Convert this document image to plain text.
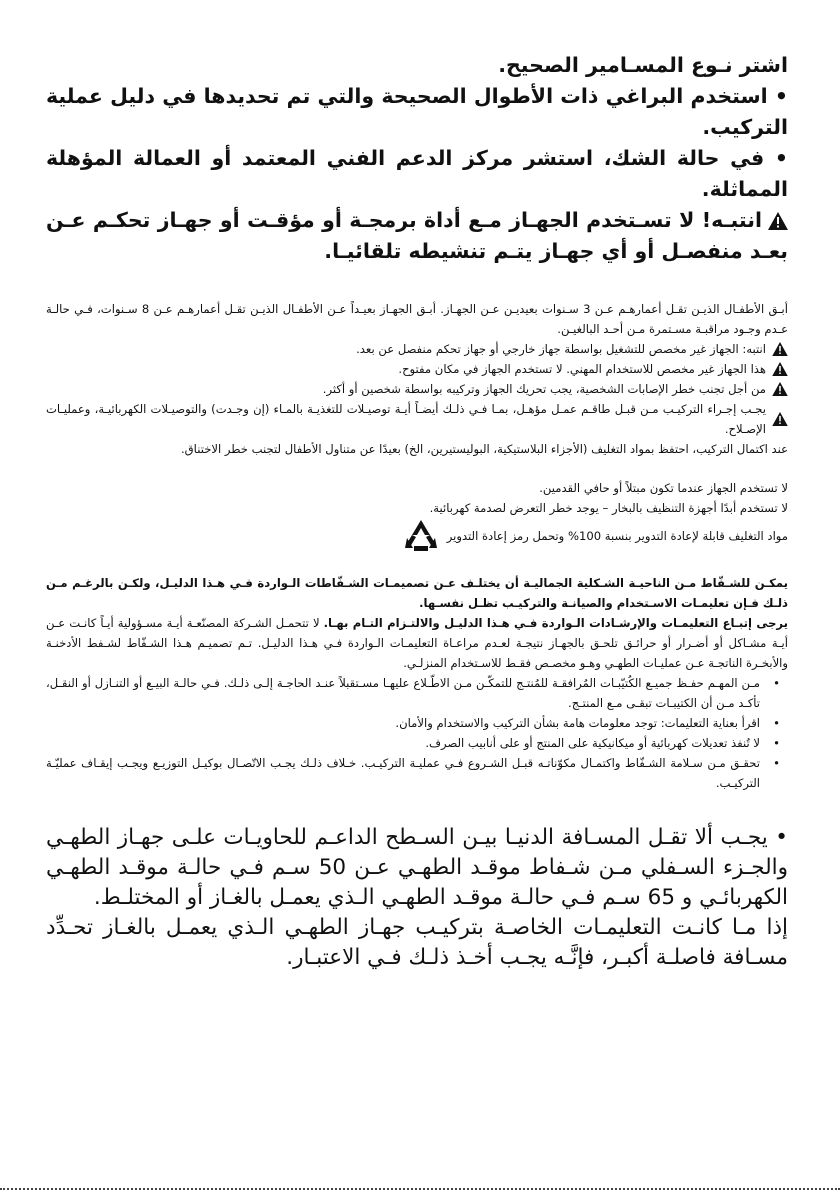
اشتر نـوع المسـامير الصحيح.

• استخدم البراغي ذات الأطوال الصحيحة والتي تم تحديدها في دليل عملية التركيب.

• في حالة الشك، استشر مركز الدعم الفني المعتمد أو العمالة المؤهلة المماثلة.

انتبـه! لا تسـتخدم الجهـاز مـع أداة برمجـة أو مؤقـت أو جهـاز تحكـم عـن بعـد منفصـل أو أي جهـاز يتـم تنشيطه تلقائيـا.

أبـق الأطفـال الذيـن تقـل أعمارهـم عـن 3 سـنوات بعيديـن عـن الجهـاز. أبـق الجهـاز بعيـداً عـن الأطفـال الذيـن تقـل أعمارهـم عـن 8 سـنوات، فـي حالـة عـدم وجـود مراقبـة مسـتمرة مـن أحـد البالغيـن.

انتبه: الجهاز غير مخصص للتشغيل بواسطة جهاز خارجي أو جهاز تحكم منفصل عن بعد.

هذا الجهاز غير مخصص للاستخدام المهني. لا تستخدم الجهاز في مكان مفتوح.

من أجل تجنب خطر الإصابات الشخصية، يجب تحريك الجهاز وتركيبه بواسطة شخصين أو أكثر.

يجـب إجـراء التركيـب مـن قبـل طاقـم عمـل مؤهـل، بمـا فـي ذلـك أيضـاً أيـة توصيـلات للتغذيـة بالمـاء (إن وجـدت) والتوصيـلات الكهربائيـة، وعمليـات الإصـلاح.

عند اكتمال التركيب، احتفظ بمواد التغليف (الأجزاء البلاستيكية، البوليستيرين، الخ) بعيدًا عن متناول الأطفال لتجنب خطر الاختناق.

لا تستخدم الجهاز عندما تكون مبتلاً أو حافي القدمين.

لا تستخدم أبدًا أجهزة التنظيف بالبخار – يوجد خطر التعرض لصدمة كهربائية.

مواد التغليف قابلة لإعادة التدوير بنسبة 100% وتحمل رمز إعادة التدوير

يمكـن للشـفّاط مـن الناحيـة الشـكلية الجماليـة أن يختلـف عـن تصميمـات الشـفّاطات الـواردة فـي هـذا الدليـل، ولكـن بالرغـم مـن ذلـك فـإن تعليمـات الاسـتخدام والصيانـة والتركيـب تظـل نفسـها.

يرجى إتبـاع التعليمـات والإرشـادات الـواردة فـي هـذا الدليـل والالتـزام التـام بهـا. لا تتحمـل الشـركة المصنّعـة أيـة مسـؤولية أيـاً كانـت عـن أيـة مشـاكل أو أضـرار أو حرائـق تلحـق بالجهـاز نتيجـة لعـدم مراعـاة التعليمـات الـواردة فـي هـذا الدليـل. تـم تصميـم هـذا الشـفّاط لشـفط الأدخنـة والأبخـرة الناتجـة عـن عمليـات الطهـي وهـو مخصـص فقـط للاسـتخدام المنزلـي.

• مـن المهـم حفـظ جميـع الكُتيّبـات المُرافقـة للمُنتـج للتمكّـن مـن الاطّـلاع عليهـا مسـتقبلاً عنـد الحاجـة إلـى ذلـك. فـي حالـة البيـع أو التنـازل أو النقـل، تأكـد مـن أن الكتيبـات تبقـى مـع المنتـج.
• اقرأ بعناية التعليمات: توجد معلومات هامة بشأن التركيب والاستخدام والأمان.
• لا تُنفذ تعديلات كهربائية أو ميكانيكية على المنتج أو على أنابيب الصرف.
• تحقـق مـن سـلامة الشـفّاط واكتمـال مكوّناتـه قبـل الشـروع فـي عمليـة التركيـب. خـلاف ذلـك يجـب الاتّصـال بوكيـل التوزيـع ويجـب إيقـاف عمليّـة التركيـب.

• يجـب ألا تقـل المسـافة الدنيـا بيـن السـطح الداعـم للحاويـات علـى جهـاز الطهـي والجـزء السـفلي مـن شـفاط موقـد الطهـي عـن 50 سـم فـي حالـة موقـد الطهـي الكهربائـي و 65 سـم فـي حالـة موقـد الطهـي الـذي يعمـل بالغـاز أو المختلـط.

إذا مـا كانـت التعليمـات الخاصـة بتركيـب جهـاز الطهـي الـذي يعمـل بالغـاز تحـدِّد مسـافة فاصلـة أكبـر، فإنَّـه يجـب أخـذ ذلـك فـي الاعتبـار.
